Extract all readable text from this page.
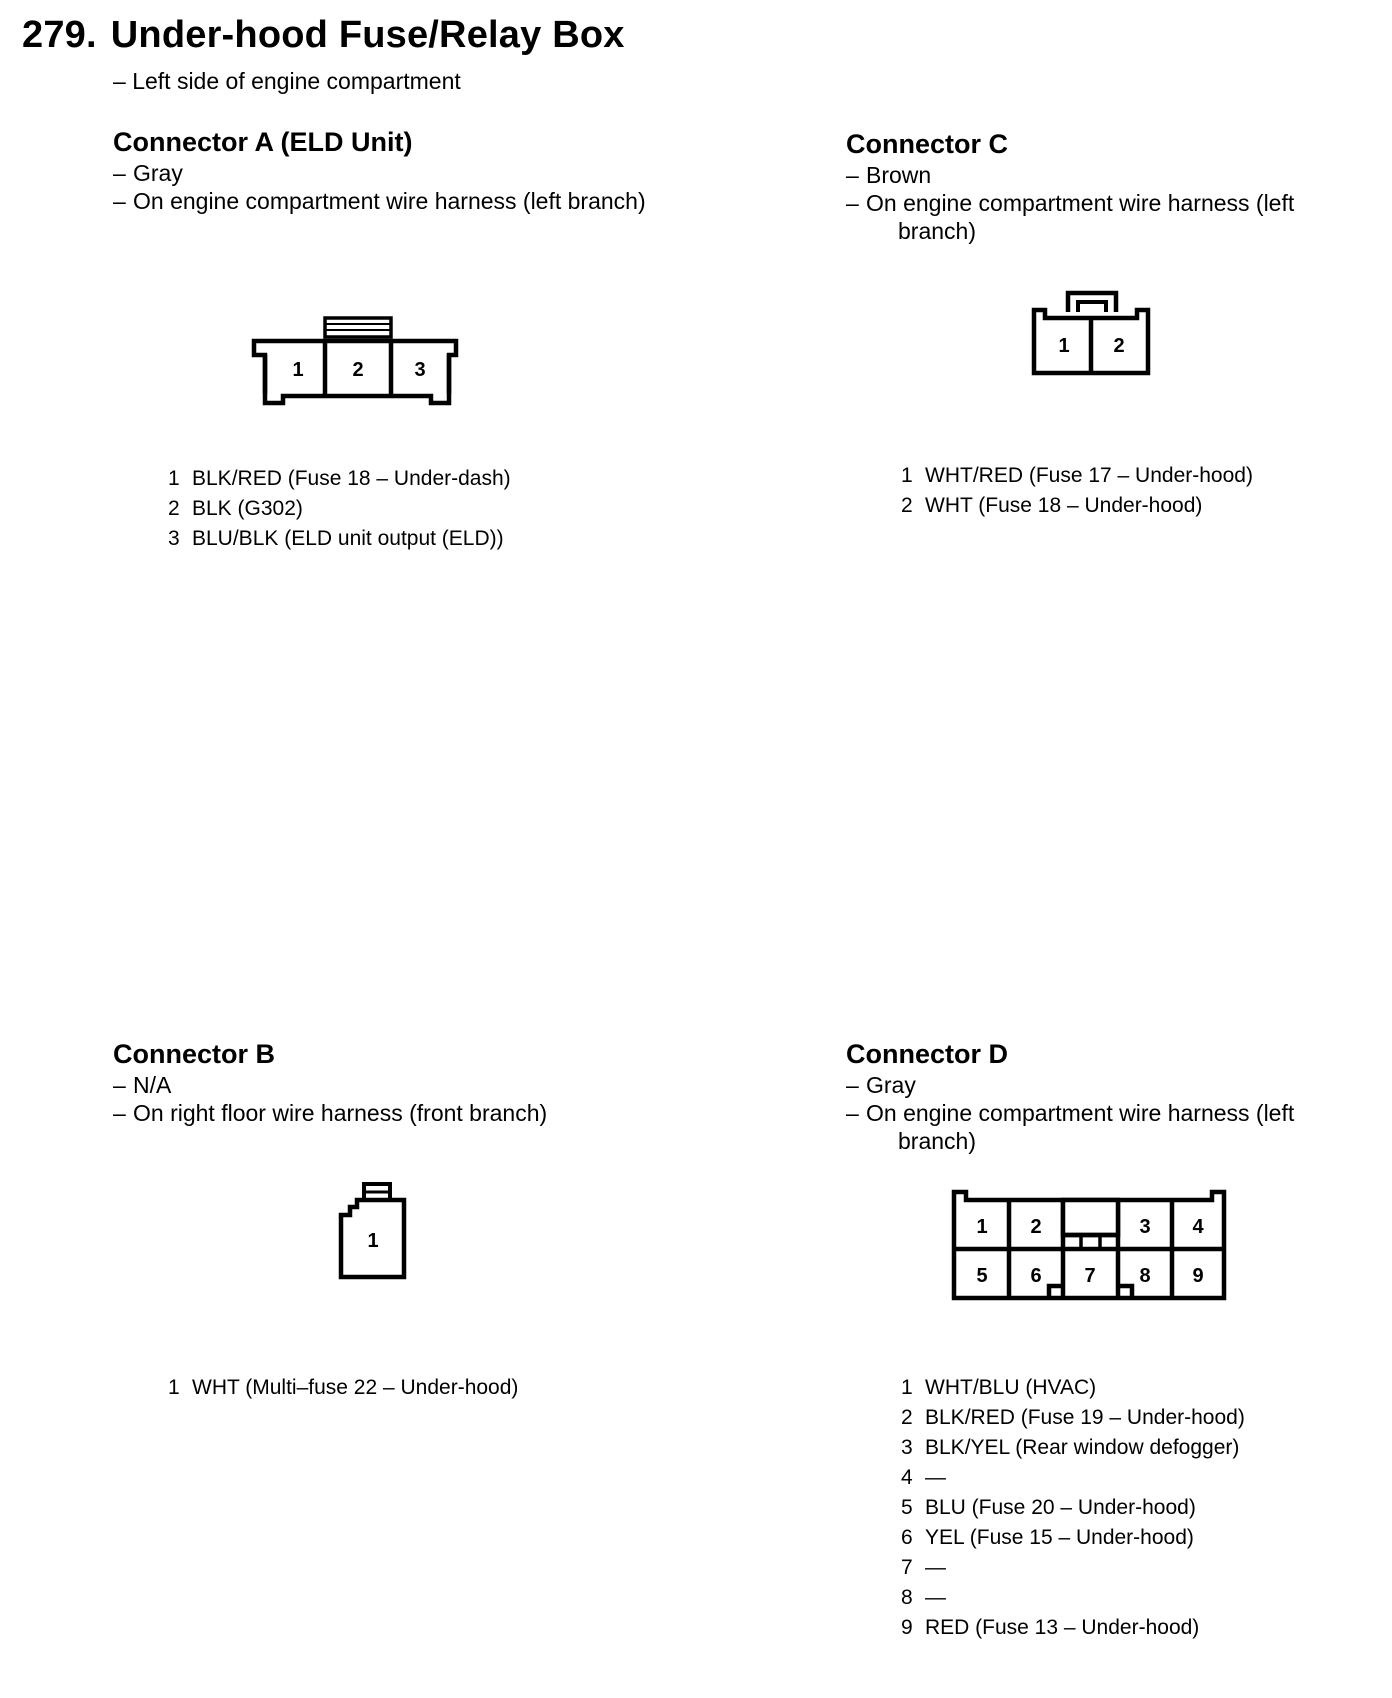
279. Under-hood Fuse/Relay Box
– Left side of engine compartment
Connector A (ELD Unit)
– Gray
– On engine compartment wire harness (left branch)
1 2	3
1 BLK/RED (Fuse 18 – Under-dash)
2 BLK (G302)
3 BLU/BLK (ELD unit output (ELD))
Connector C
– Brown
– On engine compartment wire harness (left
branch)
1 2
1 WHT/RED (Fuse 17 – Under-hood)
2 WHT (Fuse 18 – Under-hood)
Connector B
– N/A
– On right floor wire harness (front branch)
1
1 WHT (Multi–fuse 22 – Under-hood)
Connector D
– Gray
– On engine compartment wire harness (left
branch)
1 2	3 4
5 6 7 8 9
1 WHT/BLU (HVAC)
2 BLK/RED (Fuse 19 – Under-hood)
3 BLK/YEL (Rear window defogger)
4 —
5 BLU (Fuse 20 – Under-hood)
6 YEL (Fuse 15 – Under-hood)
7 —
8 —
9 RED (Fuse 13 – Under-hood)
